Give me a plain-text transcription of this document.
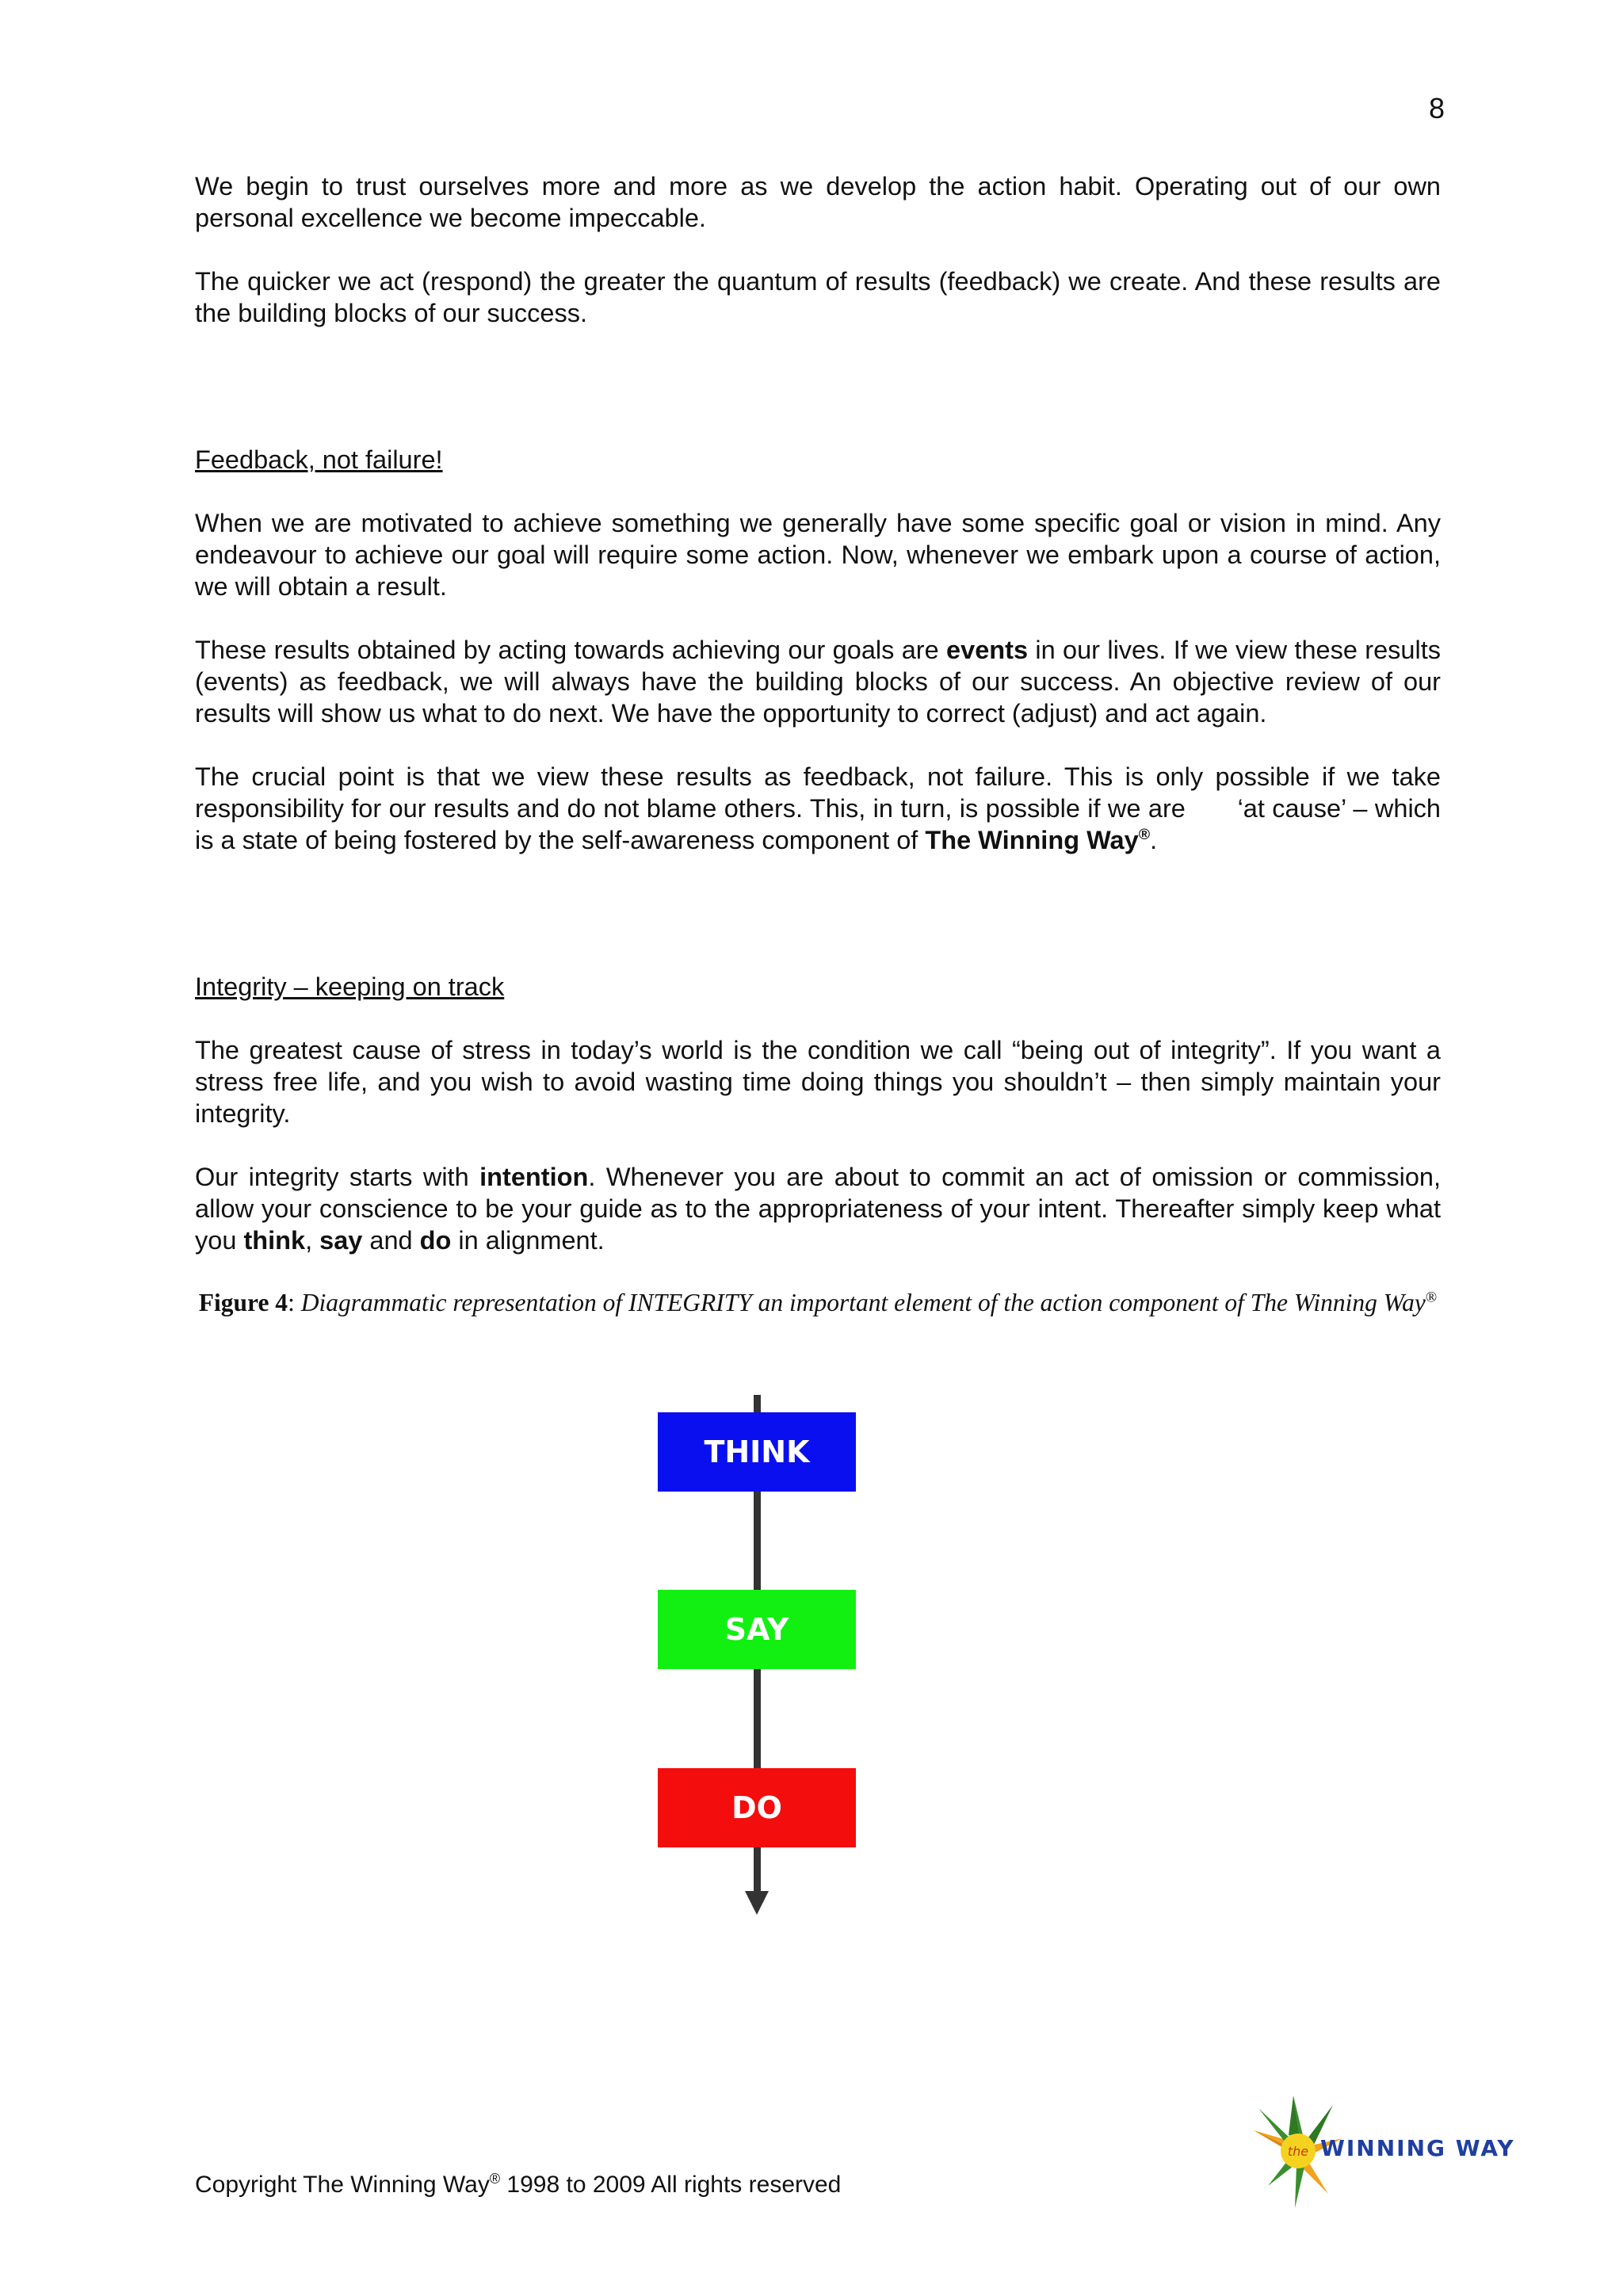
8

We begin to trust ourselves more and more as we develop the action habit. Operating out of our own personal excellence we become impeccable.

The quicker we act (respond) the greater the quantum of results (feedback) we create. And these results are the building blocks of our success.

Feedback, not failure!

When we are motivated to achieve something we generally have some specific goal or vision in mind. Any endeavour to achieve our goal will require some action. Now, whenever we embark upon a course of action, we will obtain a result.

These results obtained by acting towards achieving our goals are events in our lives. If we view these results (events) as feedback, we will always have the building blocks of our success. An objective review of our results will show us what to do next. We have the opportunity to correct (adjust) and act again.

The crucial point is that we view these results as feedback, not failure. This is only possible if we take responsibility for our results and do not blame others. This, in turn, is possible if we are       ‘at cause’ – which is a state of being fostered by the self-awareness component of The Winning Way®.

Integrity – keeping on track

The greatest cause of stress in today’s world is the condition we call “being out of integrity”. If you want a stress free life, and you wish to avoid wasting time doing things you shouldn’t – then simply maintain your integrity.

Our integrity starts with intention. Whenever you are about to commit an act of omission or commission, allow your conscience to be your guide as to the appropriateness of your intent. Thereafter simply keep what you think, say and do in alignment.

Figure 4: Diagrammatic representation of INTEGRITY an important element of the action component of The Winning Way®
THINK
SAY
DO
Copyright The Winning Way® 1998 to 2009 All rights reserved
the WINNING WAY
